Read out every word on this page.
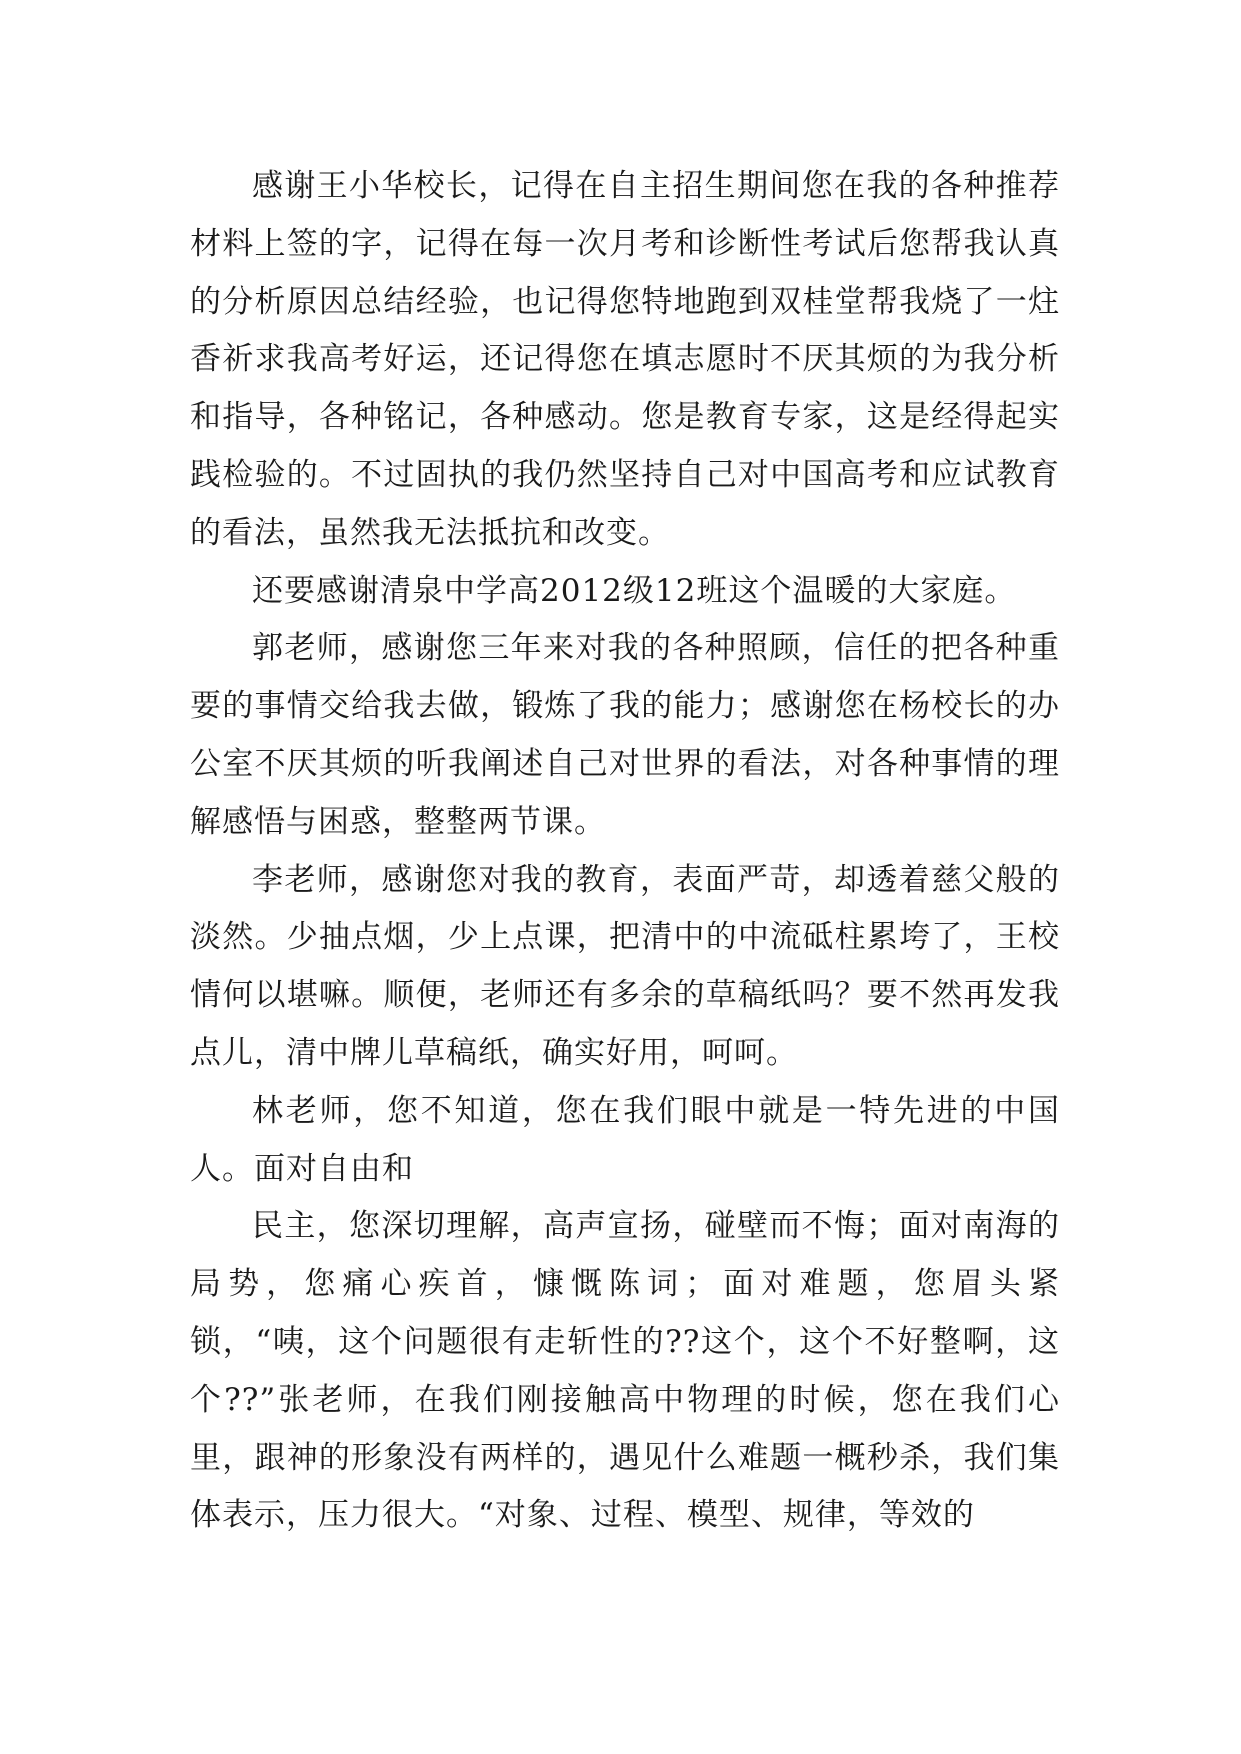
感谢王小华校长，记得在自主招生期间您在我的各种推荐材料上签的字，记得在每一次月考和诊断性考试后您帮我认真的分析原因总结经验，也记得您特地跑到双桂堂帮我烧了一炷香祈求我高考好运，还记得您在填志愿时不厌其烦的为我分析和指导，各种铭记，各种感动。您是教育专家，这是经得起实践检验的。不过固执的我仍然坚持自己对中国高考和应试教育的看法，虽然我无法抵抗和改变。

还要感谢清泉中学高2012级12班这个温暖的大家庭。

郭老师，感谢您三年来对我的各种照顾，信任的把各种重要的事情交给我去做，锻炼了我的能力；感谢您在杨校长的办公室不厌其烦的听我阐述自己对世界的看法，对各种事情的理解感悟与困惑，整整两节课。

李老师，感谢您对我的教育，表面严苛，却透着慈父般的淡然。少抽点烟，少上点课，把清中的中流砥柱累垮了，王校情何以堪嘛。顺便，老师还有多余的草稿纸吗？要不然再发我点儿，清中牌儿草稿纸，确实好用，呵呵。

林老师，您不知道，您在我们眼中就是一特先进的中国人。面对自由和

民主，您深切理解，高声宣扬，碰壁而不悔；面对南海的局势，您痛心疾首，慷慨陈词；面对难题，您眉头紧锁，“咦，这个问题很有走斩性的??这个，这个不好整啊，这个??”张老师，在我们刚接触高中物理的时候，您在我们心里，跟神的形象没有两样的，遇见什么难题一概秒杀，我们集体表示，压力很大。“对象、过程、模型、规律，等效的
